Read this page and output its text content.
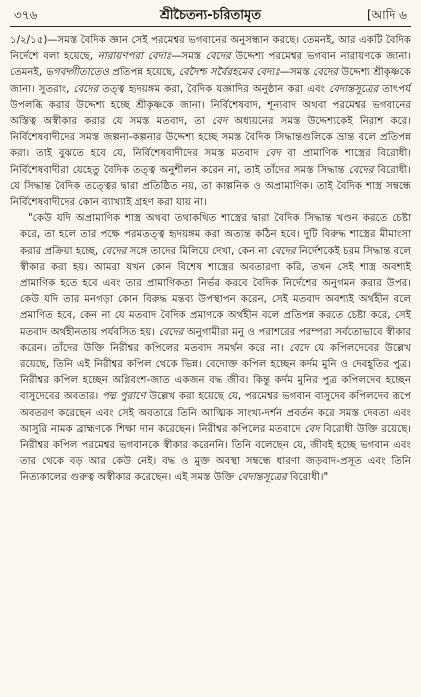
৩৭৬	শ্রীচৈতন্য-চরিতামৃত	[আদি ৬

১/২/১৫)—সমস্ত বৈদিক জ্ঞান সেই পরমেশ্বর ভগবানের অনুসন্ধান করছে। তেমনই, আর একটি বৈদিক নির্দেশে বলা হয়েছে, নারায়ণপরা বেদাঃ—সমস্ত বেদের উদ্দেশ্য পরমেশ্বর ভগবান নারায়ণকে জানা। তেমনই, ভগবদ্গীতাতেও প্রতিপন্ন হয়েছে, বেদৈশ্চ সর্বৈরহমেব বেদ্যঃ—সমস্ত বেদের উদ্দেশ্য শ্রীকৃষ্ণকে জানা। সুতরাং, বেদের তত্ত্ব হৃদয়ঙ্গম করা, বৈদিক যজ্ঞাদির অনুষ্ঠান করা এবং বেদান্তসূত্রের তাৎপর্য উপলব্ধি করার উদ্দেশ্য হচ্ছে শ্রীকৃষ্ণকে জানা। নির্বিশেষবাদ, শূন্যবাদ অথবা পরমেশ্বর ভগবানের অস্তিত্ব অস্বীকার করার যে সমস্ত মতবাদ, তা বেদ অধ্যয়নের সমস্ত উদ্দেশ্যকেই নিরাশ করে। নির্বিশেষবাদীদের সমস্ত জল্পনা-কল্পনার উদ্দেশ্য হচ্ছে সমস্ত বৈদিক সিদ্ধান্তগুলিকে ভ্রান্ত বলে প্রতিপন্ন করা। তাই বুঝতে হবে যে, নির্বিশেষবাদীদের সমস্ত মতবাদ বেদ বা প্রামাণিক শাস্ত্রের বিরোধী। নির্বিশেষবাদীরা যেহেতু বৈদিক তত্ত্ব অনুশীলন করেন না, তাই তাঁদের সমস্ত সিদ্ধান্ত বেদের বিরোধী। যে সিদ্ধান্ত বৈদিক তত্ত্বের দ্বারা প্রতিষ্ঠিত নয়, তা কাল্পনিক ও অপ্রামাণিক। তাই বৈদিক শাস্ত্র সম্বন্ধে নির্বিশেষবাদীদের কোন ব্যাখ্যাই গ্রহণ করা যায় না।

"কেউ যদি অপ্রামাণিক শাস্ত্র অথবা তথাকথিত শাস্ত্রের দ্বারা বৈদিক সিদ্ধান্ত খণ্ডন করতে চেষ্টা করে, তা হলে তার পক্ষে পরমতত্ত্ব হৃদয়ঙ্গম করা অত্যন্ত কঠিন হবে। দুটি বিরুদ্ধ শাস্ত্রের মীমাংসা করার প্রক্রিয়া হচ্ছে, বেদের সঙ্গে তাদের মিলিয়ে দেখা, কেন না বেদের নির্দেশকেই চরম সিদ্ধান্ত বলে স্বীকার করা হয়। আমরা যখন কোন বিশেষ শাস্ত্রের অবতারণা করি, তখন সেই শাস্ত্র অবশ্যই প্রামাণিক হতে হবে এবং তার প্রামাণিকতা নির্ভর করবে বৈদিক নির্দেশের অনুগমন করার উপর। কেউ যদি তার মনগড়া কোন বিরুদ্ধ মন্তব্য উপস্থাপন করেন, সেই মতবাদ অবশ্যই অর্থহীন বলে প্রমাণিত হবে, কেন না যে মতবাদ বৈদিক প্রমাণকে অর্থহীন বলে প্রতিপন্ন করতে চেষ্টা করে, সেই মতবাদ অর্থহীনতায় পর্যবসিত হয়। বেদের অনুগামীরা মনু ও পরাশরের পরম্পরা সর্বতোভাবে স্বীকার করেন। তাঁদের উক্তি নিরীশ্বর কপিলের মতবাদ সমর্থন করে না। বেদে যে কপিলদেবের উল্লেখ রয়েছে, তিনি এই নিরীশ্বর কপিল থেকে ভিন্ন। বেদোক্ত কপিল হচ্ছেন কর্দম মুনি ও দেবহূতির পুত্র। নিরীশ্বর কপিল হচ্ছেন অগ্নিবংশ-জাত একজন বদ্ধ জীব। কিন্তু কর্দম মুনির পুত্র কপিলদেব হচ্ছেন বাসুদেবের অবতার। পদ্ম পুরাণে উল্লেখ করা হয়েছে যে, পরমেশ্বর ভগবান বাসুদেব কপিলদেব রূপে অবতরণ করেছেন এবং সেই অবতারে তিনি আত্মিক সাংখ্য-দর্শন প্রবর্তন করে সমস্ত দেবতা এবং আসুরি নামক ব্রাহ্মণকে শিক্ষা দান করেছেন। নিরীশ্বর কপিলের মতবাদে বেদ বিরোধী উক্তি রয়েছে। নিরীশ্বর কপিল পরমেশ্বর ভগবানকে স্বীকার করেননি। তিনি বলেছেন যে, জীবই হচ্ছে ভগবান এবং তার থেকে বড় আর কেউ নেই। বদ্ধ ও মুক্ত অবস্থা সম্বন্ধে ধারণা জড়বাদ-প্রসূত এবং তিনি নিত্যকালের গুরুত্ব অস্বীকার করেছেন। এই সমস্ত উক্তি বেদান্তসূত্রের বিরোধী।"
